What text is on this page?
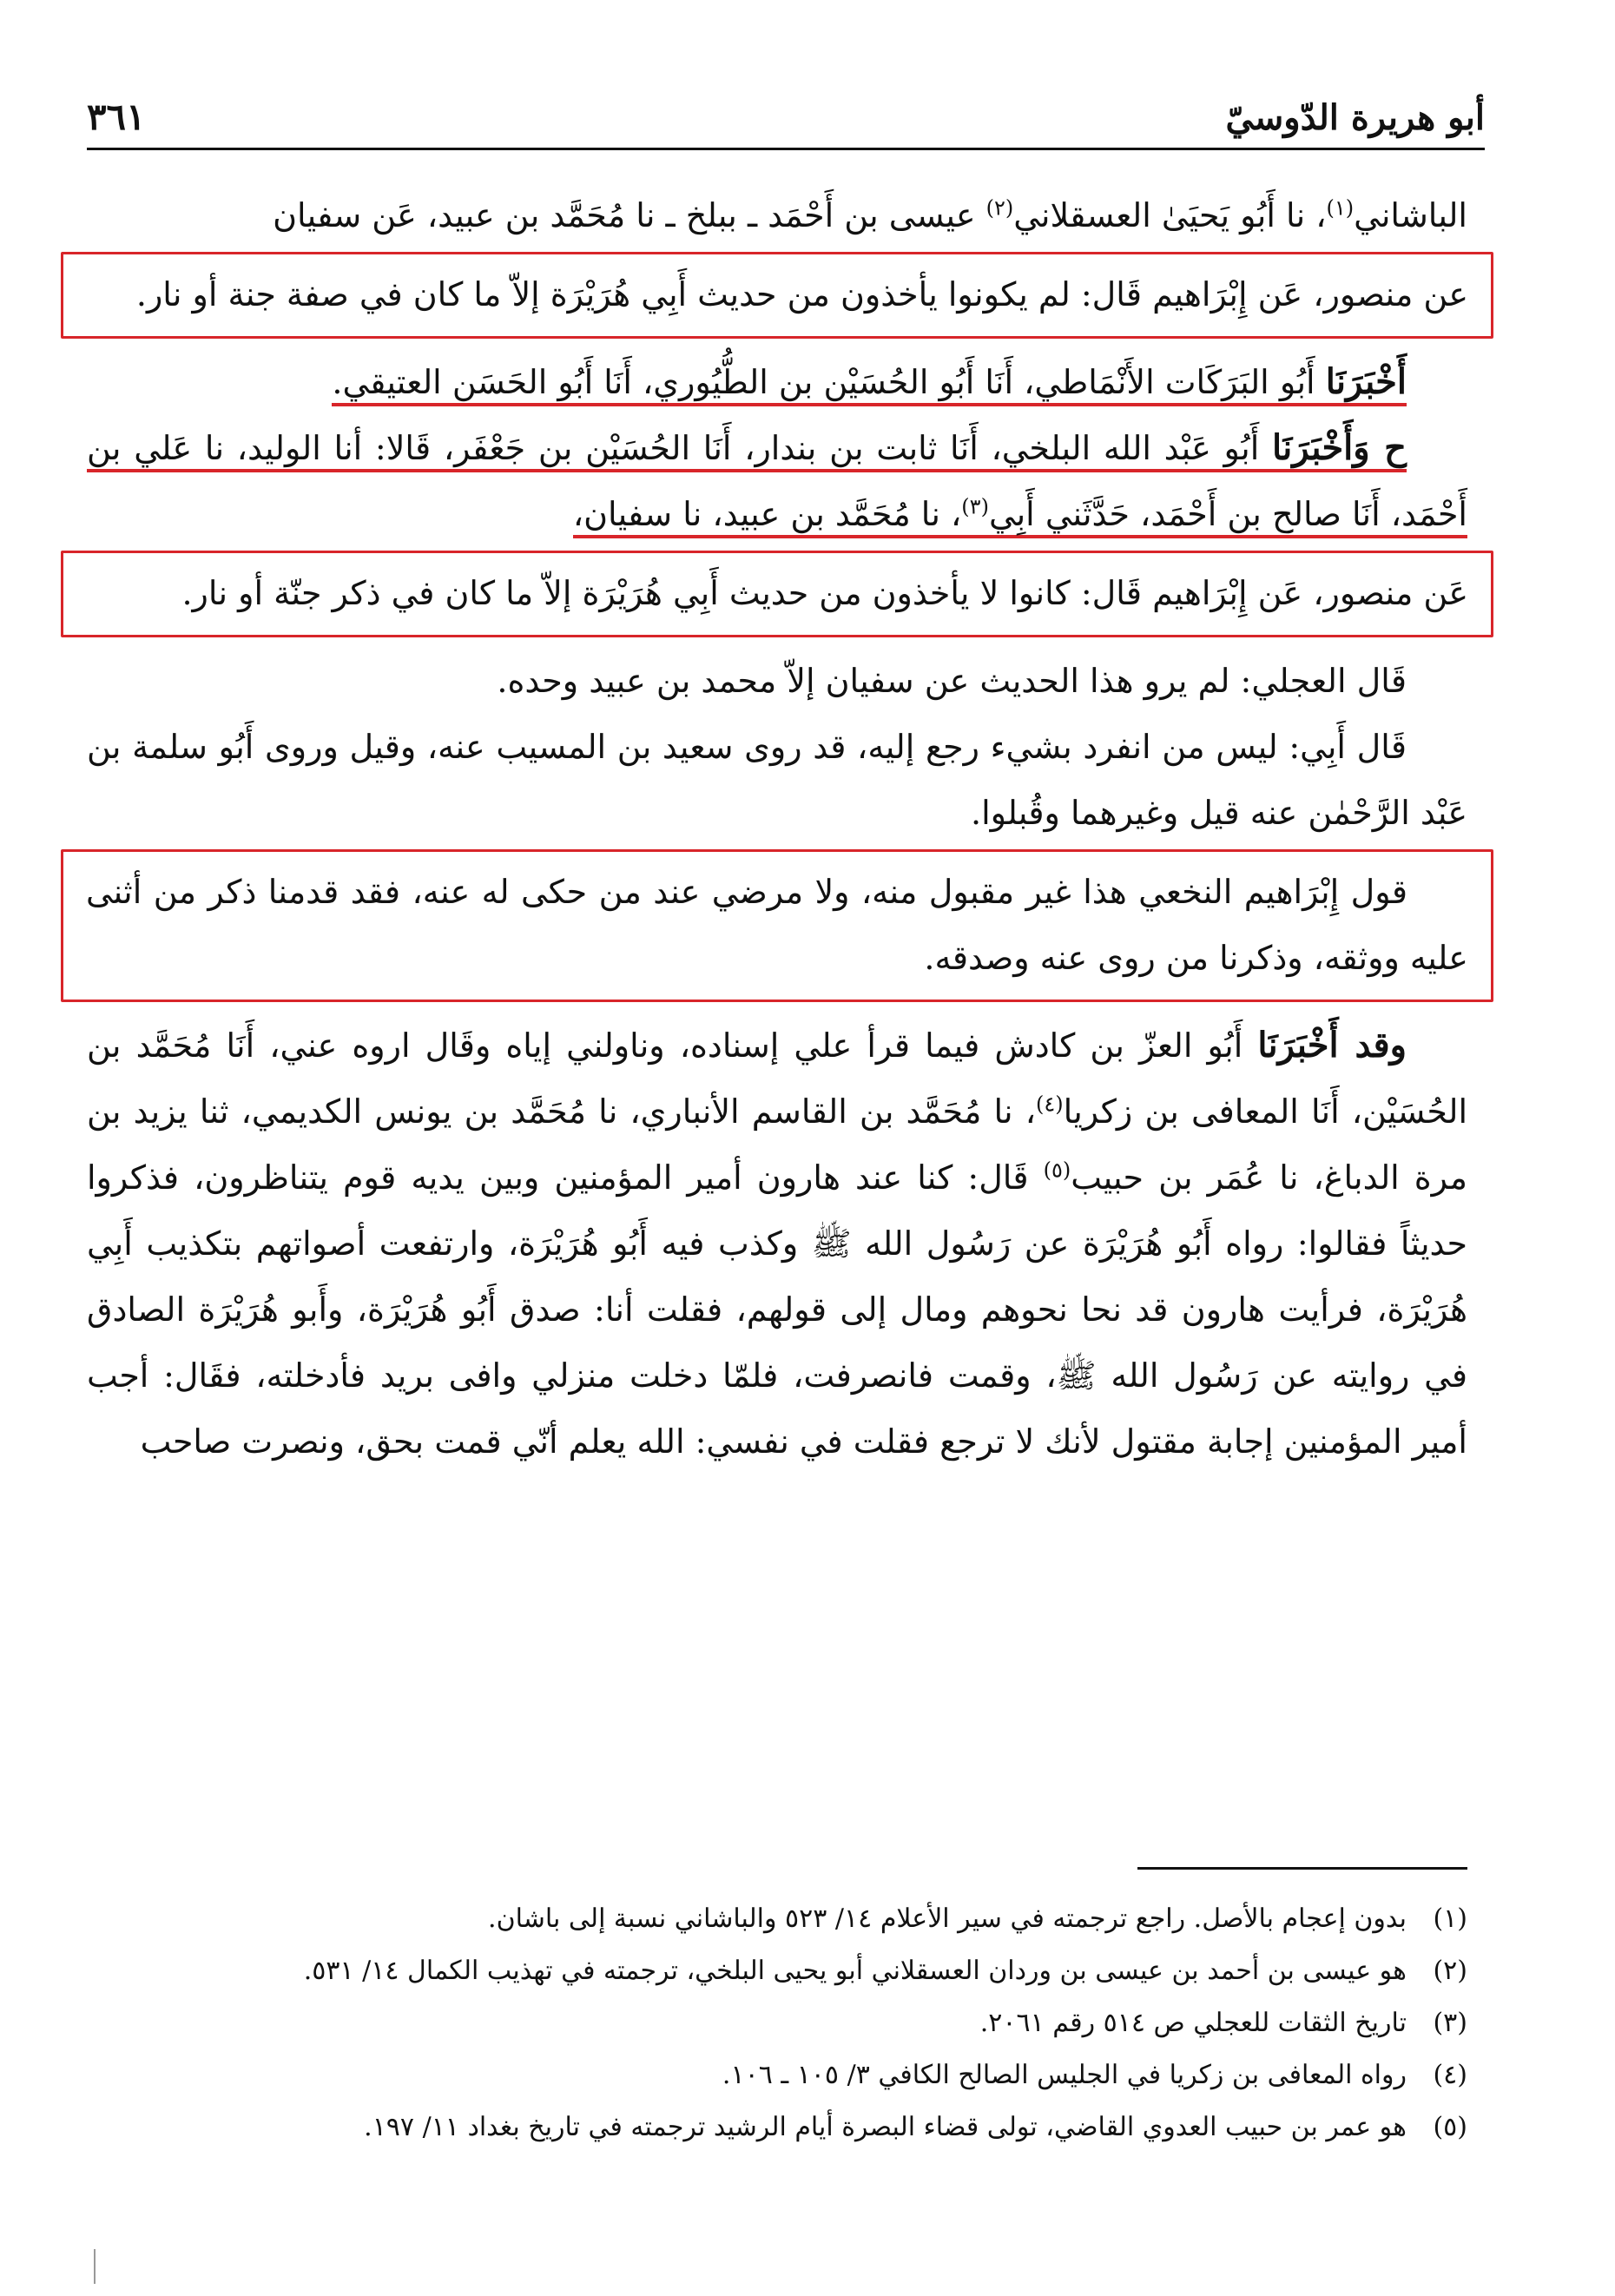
أبو هريرة الدّوسيّ
٣٦١

الباشاني$^{(١)}$، نا أَبُو يَحيَىٰ العسقلاني$^{(٢)}$ عيسى بن أَحْمَد ـ ببلخ ـ نا مُحَمَّد بن عبيد، عَن سفيان

عن منصور، عَن إِبْرَاهيم قَال: لم يكونوا يأخذون من حديث أَبِي هُرَيْرَة إلاّ ما كان في صفة جنة أو نار.

أَخْبَرَنَا أَبُو البَرَكَات الأَنْمَاطي، أَنَا أَبُو الحُسَيْن بن الطُّيُوري، أَنَا أَبُو الحَسَن العتيقي.

ح وَأَخْبَرَنَا أَبُو عَبْد الله البلخي، أَنَا ثابت بن بندار، أَنَا الحُسَيْن بن جَعْفَر، قَالا: أنا الوليد، نا عَلي بن أَحْمَد، أَنَا صالح بن أَحْمَد، حَدَّثَني أَبِي$^{(٣)}$، نا مُحَمَّد بن عبيد، نا سفيان،

عَن منصور، عَن إِبْرَاهيم قَال: كانوا لا يأخذون من حديث أَبِي هُرَيْرَة إلاّ ما كان في ذكر جنّة أو نار.

قَال العجلي: لم يرو هذا الحديث عن سفيان إلاّ محمد بن عبيد وحده.

قَال أَبِي: ليس من انفرد بشيء رجع إليه، قد روى سعيد بن المسيب عنه، وقيل وروى أَبُو سلمة بن عَبْد الرَّحْمٰن عنه قيل وغيرهما وقُبلوا.

قول إِبْرَاهيم النخعي هذا غير مقبول منه، ولا مرضي عند من حكى له عنه، فقد قدمنا ذكر من أثنى عليه ووثقه، وذكرنا من روى عنه وصدقه.

وقد أَخْبَرَنَا أَبُو العزّ بن كادش فيما قرأ علي إسناده، وناولني إياه وقَال اروه عني، أَنَا مُحَمَّد بن الحُسَيْن، أَنَا المعافى بن زكريا$^{(٤)}$، نا مُحَمَّد بن القاسم الأنباري، نا مُحَمَّد بن يونس الكديمي، ثنا يزيد بن مرة الدباغ، نا عُمَر بن حبيب$^{(٥)}$ قَال: كنا عند هارون أمير المؤمنين وبين يديه قوم يتناظرون، فذكروا حديثاً فقالوا: رواه أَبُو هُرَيْرَة عن رَسُول الله ﷺ وكذب فيه أَبُو هُرَيْرَة، وارتفعت أصواتهم بتكذيب أَبِي هُرَيْرَة، فرأيت هارون قد نحا نحوهم ومال إلى قولهم، فقلت أنا: صدق أَبُو هُرَيْرَة، وأَبو هُرَيْرَة الصادق في روايته عن رَسُول الله ﷺ، وقمت فانصرفت، فلمّا دخلت منزلي وافى بريد فأدخلته، فقَال: أجب أمير المؤمنين إجابة مقتول لأنك لا ترجع فقلت في نفسي: الله يعلم أنّي قمت بحق، ونصرت صاحب

(١)
بدون إعجام بالأصل. راجع ترجمته في سير الأعلام ١٤/ ٥٢٣ والباشاني نسبة إلى باشان.
(٢)
هو عيسى بن أحمد بن عيسى بن وردان العسقلاني أبو يحيى البلخي، ترجمته في تهذيب الكمال ١٤/ ٥٣١.
(٣)
تاريخ الثقات للعجلي ص ٥١٤ رقم ٢٠٦١.
(٤)
رواه المعافى بن زكريا في الجليس الصالح الكافي ٣/ ١٠٥ ـ ١٠٦.
(٥)
هو عمر بن حبيب العدوي القاضي، تولى قضاء البصرة أيام الرشيد ترجمته في تاريخ بغداد ١١/ ١٩٧.
